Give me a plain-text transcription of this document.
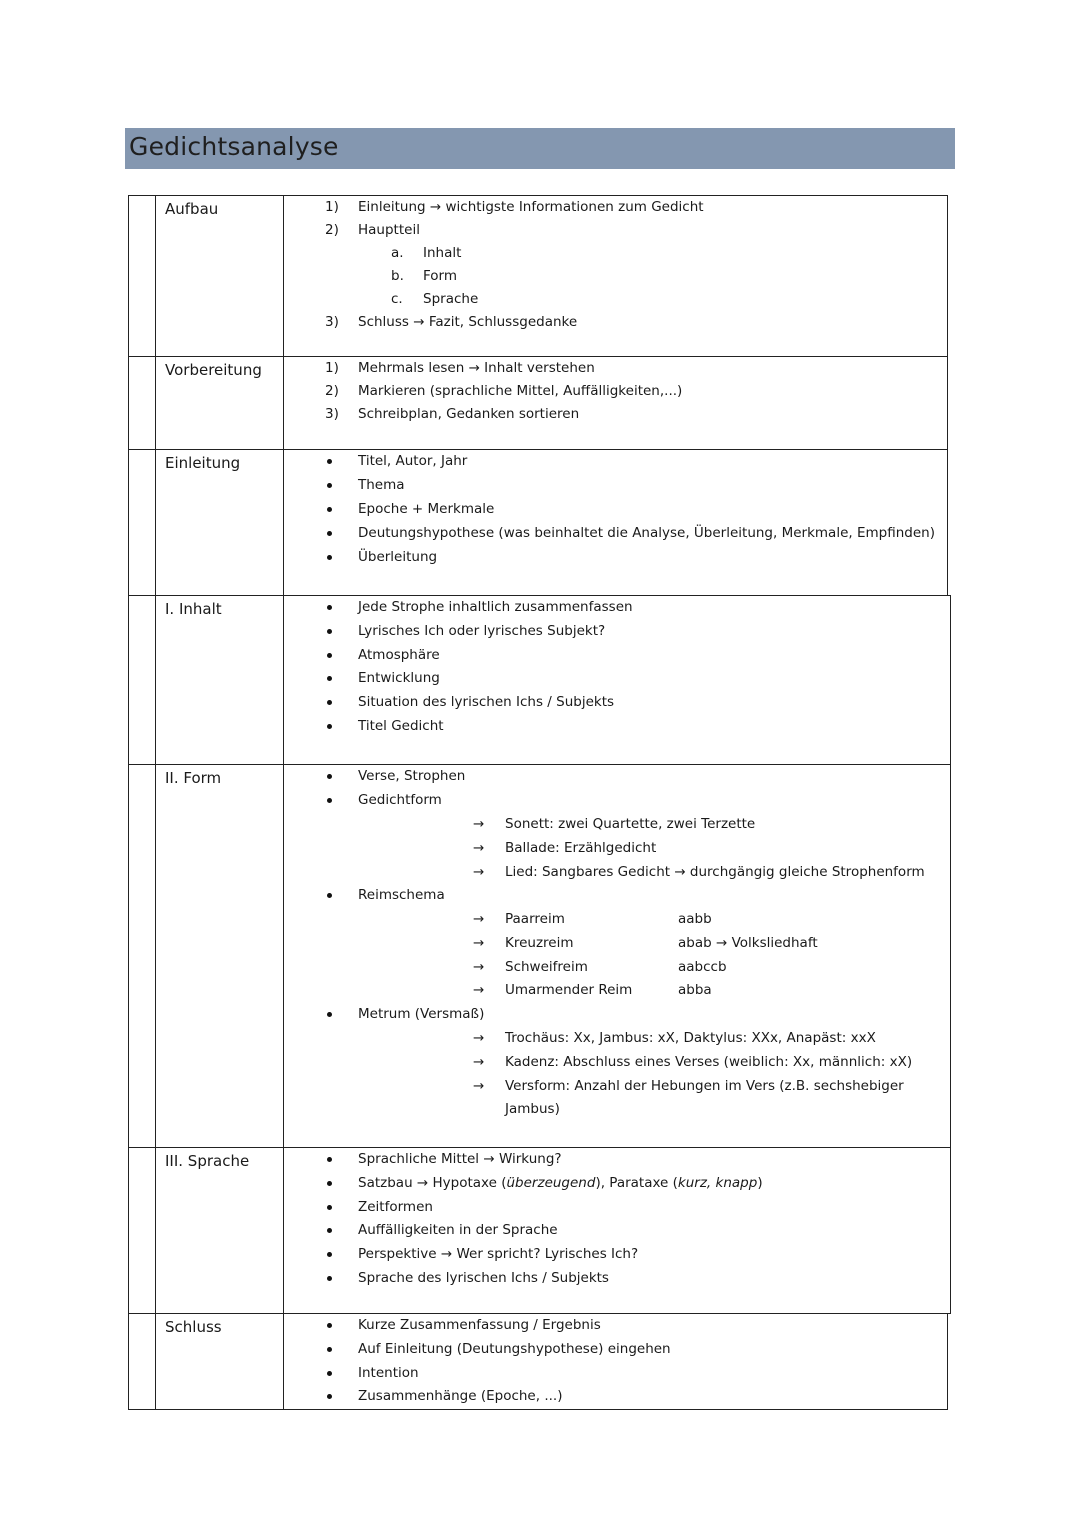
Gedichtsanalyse
Aufbau	1) Einleitung → wichtigste Informationen zum Gedicht
2) Hauptteil
a. Inhalt
b. Form
c. Sprache
3) Schluss → Fazit, Schlussgedanke
Vorbereitung	1) Mehrmals lesen → Inhalt verstehen
2) Markieren (sprachliche Mittel, Auffälligkeiten,...)
3) Schreibplan, Gedanken sortieren
Einleitung	Titel, Autor, Jahr
Thema
Epoche + Merkmale
Deutungshypothese (was beinhaltet die Analyse, Überleitung, Merkmale, Empfinden)
Überleitung
I. Inhalt	Jede Strophe inhaltlich zusammenfassen
Lyrisches Ich oder lyrisches Subjekt?
Atmosphäre
Entwicklung
Situation des lyrischen Ichs / Subjekts
Titel Gedicht
II. Form	Verse, Strophen
Gedichtform
→ Sonett: zwei Quartette, zwei Terzette
→ Ballade: Erzählgedicht
→ Lied: Sangbares Gedicht → durchgängig gleiche Strophenform
Reimschema
→ Paarreim	aabb
→ Kreuzreim	abab → Volksliedhaft
→ Schweifreim	aabccb
→ Umarmender Reim	abba
Metrum (Versmaß)
→ Trochäus: Xx, Jambus: xX, Daktylus: XXx, Anapäst: xxX
→ Kadenz: Abschluss eines Verses (weiblich: Xx, männlich: xX)
→ Versform: Anzahl der Hebungen im Vers (z.B. sechshebiger
Jambus)
III. Sprache	Sprachliche Mittel → Wirkung?
Satzbau → Hypotaxe (überzeugend), Parataxe (kurz, knapp)
Zeitformen
Auffälligkeiten in der Sprache
Perspektive → Wer spricht? Lyrisches Ich?
Sprache des lyrischen Ichs / Subjekts
Schluss	Kurze Zusammenfassung / Ergebnis
Auf Einleitung (Deutungshypothese) eingehen
Intention
Zusammenhänge (Epoche, ...)
